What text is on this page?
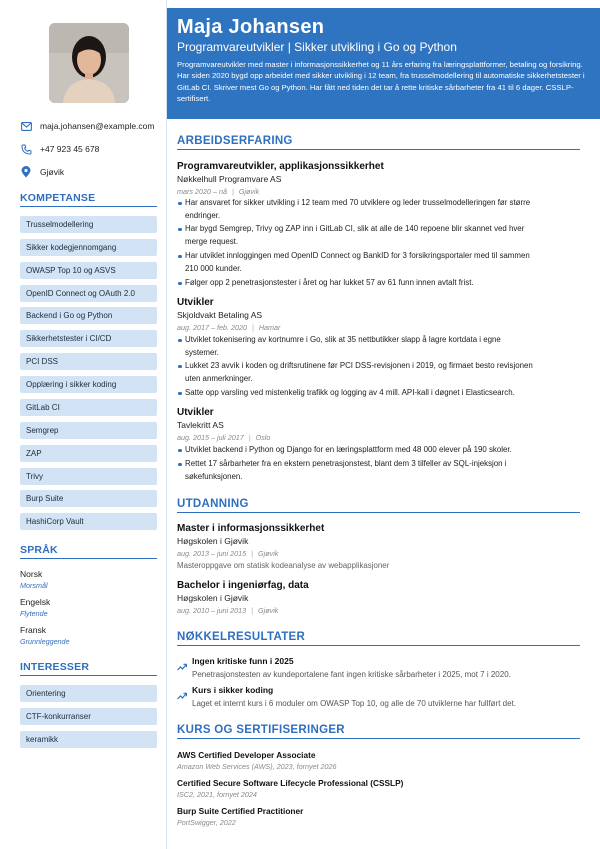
maja.johansen@example.com
+47 923 45 678
Gjøvik
KOMPETANSE
Trusselmodellering
Sikker kodegjennomgang
OWASP Top 10 og ASVS
OpenID Connect og OAuth 2.0
Backend i Go og Python
Sikkerhetstester i CI/CD
PCI DSS
Opplæring i sikker koding
GitLab CI
Semgrep
ZAP
Trivy
Burp Suite
HashiCorp Vault
SPRÅK
Norsk
Morsmål
Engelsk
Flytende
Fransk
Grunnleggende
INTERESSER
Orientering
CTF-konkurranser
keramikk
Maja Johansen
Programvareutvikler | Sikker utvikling i Go og Python
Programvareutvikler med master i informasjonssikkerhet og 11 års erfaring fra læringsplattformer, betaling og forsikring. Har siden 2020 bygd opp arbeidet med sikker utvikling i 12 team, fra trusselmodellering til automatiske sikkerhetstester i GitLab CI. Skriver mest Go og Python. Har fått ned tiden det tar å rette kritiske sårbarheter fra 41 til 6 dager. CSSLP-sertifisert.
ARBEIDSERFARING
Programvareutvikler, applikasjonssikkerhet
Nøkkelhull Programvare AS
mars 2020 – nå | Gjøvik
Har ansvaret for sikker utvikling i 12 team med 70 utviklere og leder trusselmodelleringen før større
endringer.
Har bygd Semgrep, Trivy og ZAP inn i GitLab CI, slik at alle de 140 repoene blir skannet ved hver
merge request.
Har utviklet innloggingen med OpenID Connect og BankID for 3 forsikringsportaler med til sammen
210 000 kunder.
Følger opp 2 penetrasjonstester i året og har lukket 57 av 61 funn innen avtalt frist.
Utvikler
Skjoldvakt Betaling AS
aug. 2017 – feb. 2020 | Hamar
Utviklet tokenisering av kortnumre i Go, slik at 35 nettbutikker slapp å lagre kortdata i egne
systemer.
Lukket 23 avvik i koden og driftsrutinene før PCI DSS-revisjonen i 2019, og firmaet besto revisjonen
uten anmerkninger.
Satte opp varsling ved mistenkelig trafikk og logging av 4 mill. API-kall i døgnet i Elasticsearch.
Utvikler
Tavlekritt AS
aug. 2015 – juli 2017 | Oslo
Utviklet backend i Python og Django for en læringsplattform med 48 000 elever på 190 skoler.
Rettet 17 sårbarheter fra en ekstern penetrasjonstest, blant dem 3 tilfeller av SQL-injeksjon i
søkefunksjonen.
UTDANNING
Master i informasjonssikkerhet
Høgskolen i Gjøvik
aug. 2013 – juni 2015 | Gjøvik
Masteroppgave om statisk kodeanalyse av webapplikasjoner
Bachelor i ingeniørfag, data
Høgskolen i Gjøvik
aug. 2010 – juni 2013 | Gjøvik
NØKKELRESULTATER
Ingen kritiske funn i 2025
Penetrasjonstesten av kundeportalene fant ingen kritiske sårbarheter i 2025, mot 7 i 2020.
Kurs i sikker koding
Laget et internt kurs i 6 moduler om OWASP Top 10, og alle de 70 utviklerne har fullført det.
KURS OG SERTIFISERINGER
AWS Certified Developer Associate
Amazon Web Services (AWS), 2023, fornyet 2026
Certified Secure Software Lifecycle Professional (CSSLP)
ISC2, 2021, fornyet 2024
Burp Suite Certified Practitioner
PortSwigger, 2022
